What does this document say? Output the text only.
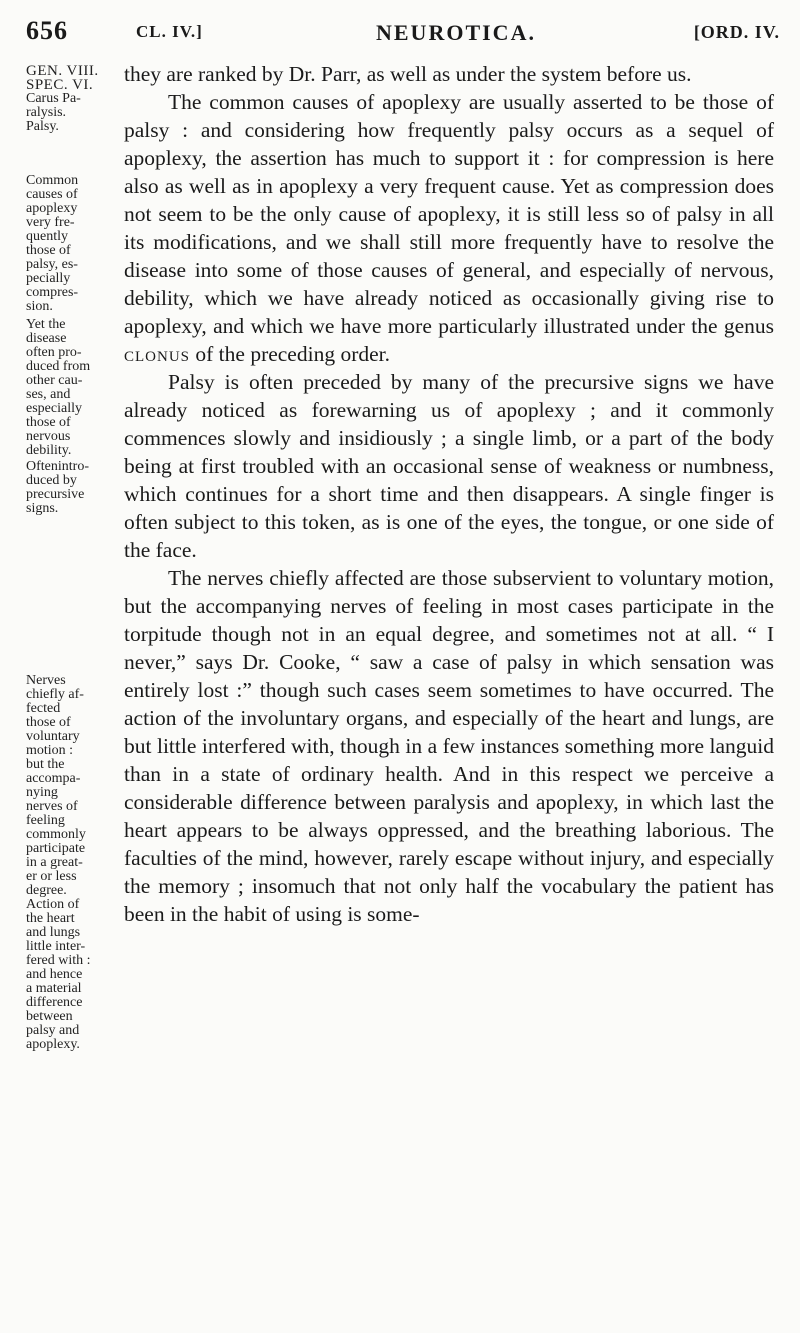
656	CL. IV.]	NEUROTICA.	[ORD. IV.

GEN. VIII.
SPEC. VI.

Carus Pa-
ralysis.
Palsy.

Common
causes of
apoplexy
very fre-
quently
those of
palsy, es-
pecially
compres-
sion.

Yet the
disease
often pro-
duced from
other cau-
ses, and
especially
those of
nervous
debility.

Oftenintro-
duced by
precursive
signs.

Nerves
chiefly af-
fected
those of
voluntary
motion :
but the
accompa-
nying
nerves of
feeling
commonly
participate
in a great-
er or less
degree.

Action of
the heart
and lungs
little inter-
fered with :
and hence
a material
difference
between
palsy and
apoplexy.

they are ranked by Dr. Parr, as well as under the system before us.

The common causes of apoplexy are usually asserted to be those of palsy : and considering how frequently palsy occurs as a sequel of apoplexy, the assertion has much to support it : for compression is here also as well as in apoplexy a very frequent cause. Yet as compression does not seem to be the only cause of apoplexy, it is still less so of palsy in all its modifications, and we shall still more frequently have to resolve the disease into some of those causes of general, and especially of nervous, debility, which we have already noticed as occasionally giving rise to apoplexy, and which we have more particularly illustrated under the genus clonus of the preceding order.

Palsy is often preceded by many of the precursive signs we have already noticed as forewarning us of apoplexy ; and it commonly commences slowly and insidiously ; a single limb, or a part of the body being at first troubled with an occasional sense of weakness or numbness, which continues for a short time and then disappears. A single finger is often subject to this token, as is one of the eyes, the tongue, or one side of the face.

The nerves chiefly affected are those subservient to voluntary motion, but the accompanying nerves of feeling in most cases participate in the torpitude though not in an equal degree, and sometimes not at all. “ I never,” says Dr. Cooke, “ saw a case of palsy in which sensation was entirely lost :” though such cases seem sometimes to have occurred. The action of the involuntary organs, and especially of the heart and lungs, are but little interfered with, though in a few instances something more languid than in a state of ordinary health. And in this respect we perceive a considerable difference between paralysis and apoplexy, in which last the heart appears to be always oppressed, and the breathing laborious. The faculties of the mind, however, rarely escape without injury, and especially the memory ; insomuch that not only half the vocabulary the patient has been in the habit of using is some-
